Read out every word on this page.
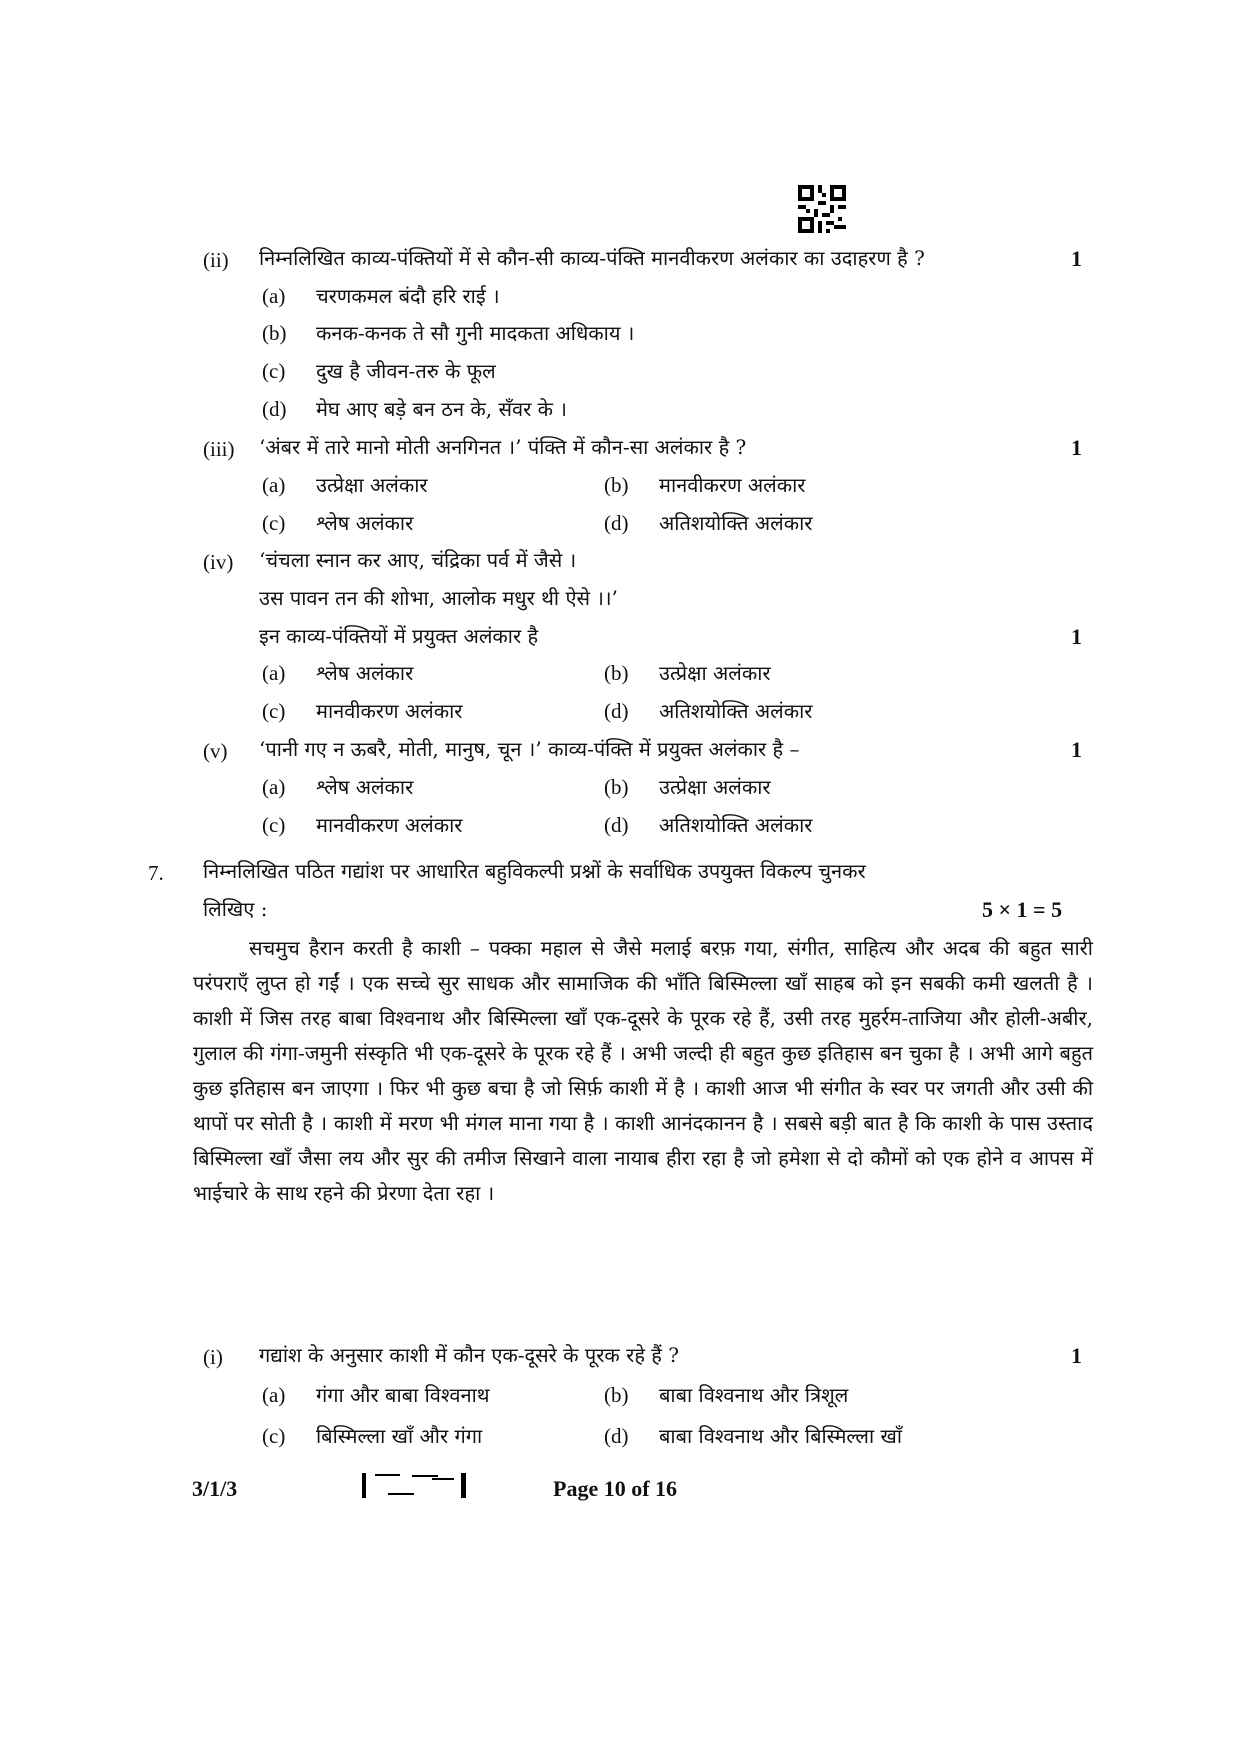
(ii) निम्नलिखित काव्य-पंक्तियों में से कौन-सी काव्य-पंक्ति मानवीकरण अलंकार का उदाहरण है ?	1
(a) चरणकमल बंदौ हरि राई ।
(b) कनक-कनक ते सौ गुनी मादकता अधिकाय ।
(c) दुख है जीवन-तरु के फूल
(d) मेघ आए बड़े बन ठन के, सँवर के ।
(iii) ‘अंबर में तारे मानो मोती अनगिनत ।’ पंक्ति में कौन-सा अलंकार है ?	1
(a) उत्प्रेक्षा अलंकार	(b) मानवीकरण अलंकार
(c) श्लेष अलंकार	(d) अतिशयोक्ति अलंकार
(iv) ‘चंचला स्नान कर आए, चंद्रिका पर्व में जैसे ।
उस पावन तन की शोभा, आलोक मधुर थी ऐसे ।।’
इन काव्य-पंक्तियों में प्रयुक्त अलंकार है	1
(a) श्लेष अलंकार	(b) उत्प्रेक्षा अलंकार
(c) मानवीकरण अलंकार	(d) अतिशयोक्ति अलंकार
(v) ‘पानी गए न ऊबरै, मोती, मानुष, चून ।’ काव्य-पंक्ति में प्रयुक्त अलंकार है –	1
(a) श्लेष अलंकार	(b) उत्प्रेक्षा अलंकार
(c) मानवीकरण अलंकार	(d) अतिशयोक्ति अलंकार
7. निम्नलिखित पठित गद्यांश पर आधारित बहुविकल्पी प्रश्नों के सर्वाधिक उपयुक्त विकल्प चुनकर
लिखिए :	5 × 1 = 5
सचमुच हैरान करती है काशी – पक्का महाल से जैसे मलाई बरफ़ गया, संगीत, साहित्य और अदब की बहुत सारी परंपराएँ लुप्त हो गईं । एक सच्चे सुर साधक और सामाजिक की भाँति बिस्मिल्ला खाँ साहब को इन सबकी कमी खलती है । काशी में जिस तरह बाबा विश्वनाथ और बिस्मिल्ला खाँ एक-दूसरे के पूरक रहे हैं, उसी तरह मुहर्रम-ताजिया और होली-अबीर, गुलाल की गंगा-जमुनी संस्कृति भी एक-दूसरे के पूरक रहे हैं । अभी जल्दी ही बहुत कुछ इतिहास बन चुका है । अभी आगे बहुत कुछ इतिहास बन जाएगा । फिर भी कुछ बचा है जो सिर्फ़ काशी में है । काशी आज भी संगीत के स्वर पर जगती और उसी की थापों पर सोती है । काशी में मरण भी मंगल माना गया है । काशी आनंदकानन है । सबसे बड़ी बात है कि काशी के पास उस्ताद बिस्मिल्ला खाँ जैसा लय और सुर की तमीज सिखाने वाला नायाब हीरा रहा है जो हमेशा से दो कौमों को एक होने व आपस में भाईचारे के साथ रहने की प्रेरणा देता रहा ।
(i) गद्यांश के अनुसार काशी में कौन एक-दूसरे के पूरक रहे हैं ?	1
(a) गंगा और बाबा विश्वनाथ	(b) बाबा विश्वनाथ और त्रिशूल
(c) बिस्मिल्ला खाँ और गंगा	(d) बाबा विश्वनाथ और बिस्मिल्ला खाँ
3/1/3	Page 10 of 16
